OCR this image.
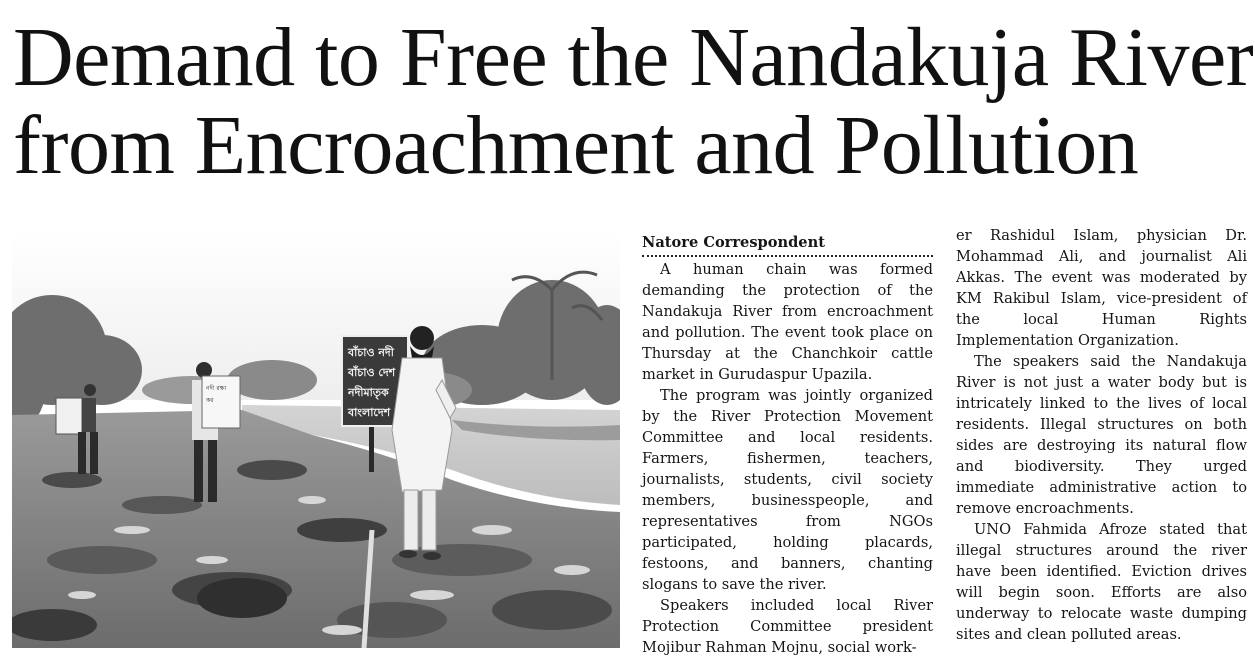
Demand to Free the Nandakuja River
from Encroachment and Pollution
নদী রক্ষা
কর
বাঁচাও নদী
বাঁচাও দেশ
নদীমাতৃক
বাংলাদেশ
Natore Correspondent

A human chain was formed demanding the protection of the Nandakuja River from encroachment and pollution. The event took place on Thursday at the Chanchkoir cattle market in Gurudaspur Upazila.

The program was jointly organized by the River Protection Movement Committee and local residents. Farmers, fishermen, teachers, journalists, students, civil society members, businesspeople, and representatives from NGOs participated, holding placards, festoons, and banners, chanting slogans to save the river.

Speakers included local River Protection Committee president Mojibur Rahman Mojnu, social work-

er Rashidul Islam, physician Dr. Mohammad Ali, and journalist Ali Akkas. The event was moderated by KM Rakibul Islam, vice-president of the local Human Rights Implementation Organization.

The speakers said the Nandakuja River is not just a water body but is intricately linked to the lives of local residents. Illegal structures on both sides are destroying its natural flow and biodiversity. They urged immediate administrative action to remove encroachments.

UNO Fahmida Afroze stated that illegal structures around the river have been identified. Eviction drives will begin soon. Efforts are also underway to relocate waste dumping sites and clean polluted areas.
